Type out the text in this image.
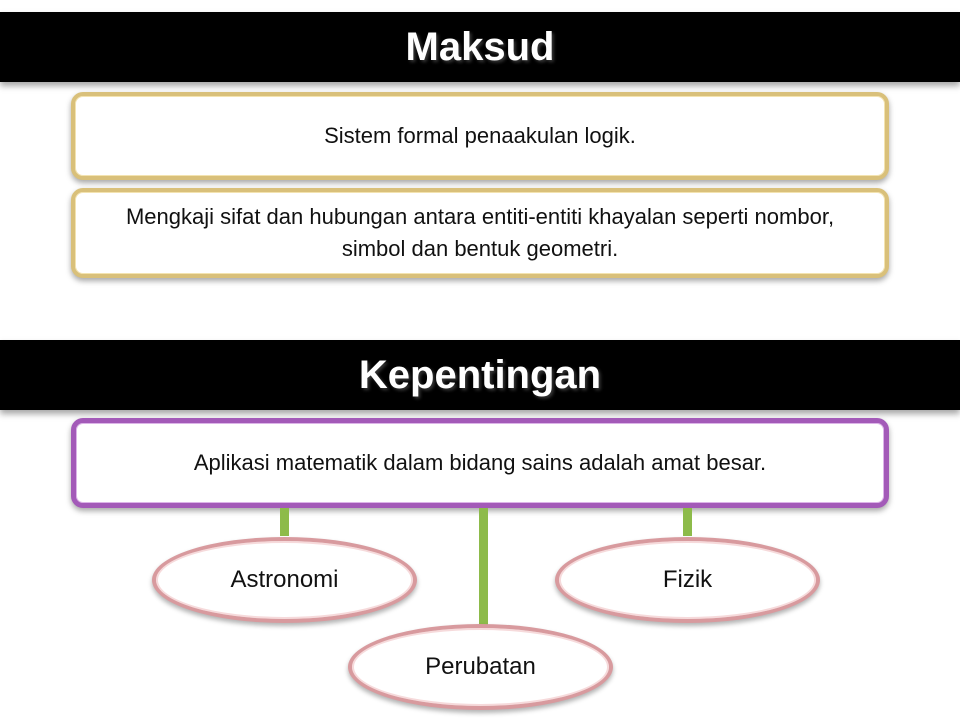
Maksud
Sistem formal penaakulan logik.
Mengkaji sifat dan hubungan antara entiti-entiti khayalan seperti nombor, simbol dan bentuk geometri.
Kepentingan
Aplikasi matematik dalam bidang sains adalah amat besar.
Astronomi	Fizik
Perubatan
